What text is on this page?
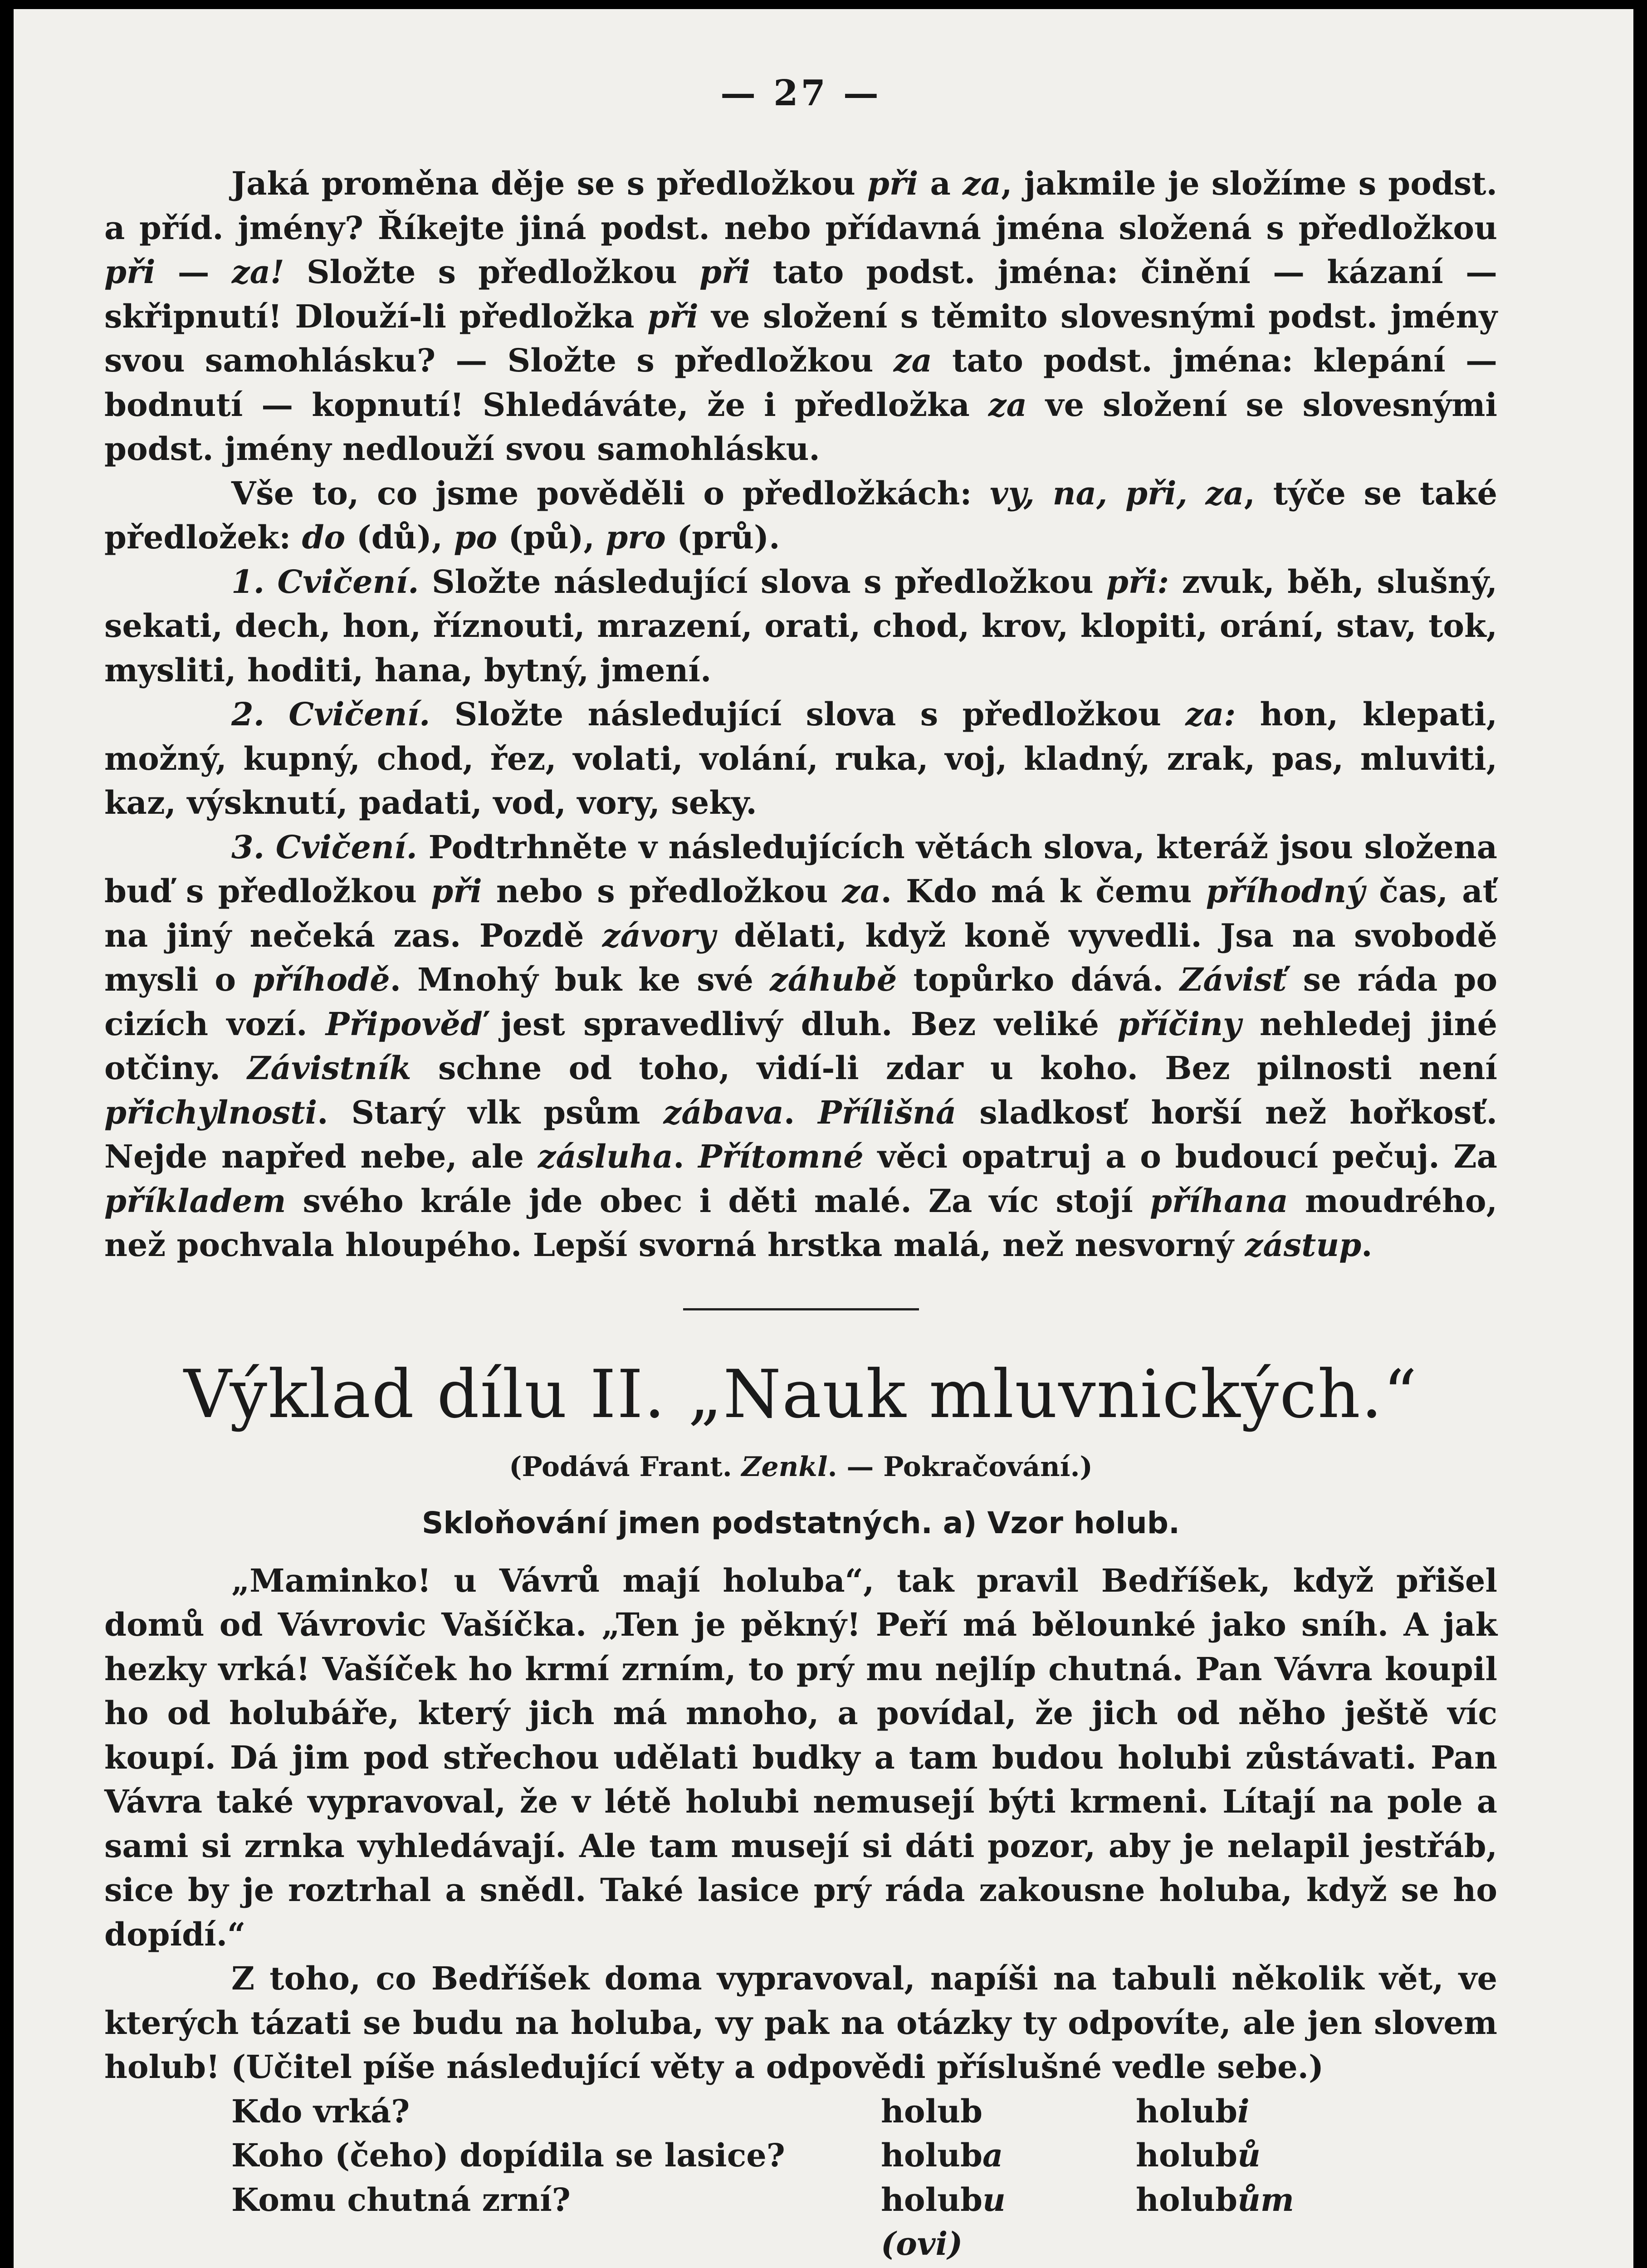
— 27 —

Jaká proměna děje se s předložkou při a za, jakmile je složíme s podst. a příd. jmény? Říkejte jiná podst. nebo přídavná jména složená s předložkou při — za! Složte s předložkou při tato podst. jména: činění — kázaní — skřipnutí! Dlouží-li předložka při ve složení s těmito slovesnými podst. jmény svou samohlásku? — Složte s předložkou za tato podst. jména: klepání — bodnutí — kopnutí! Shledáváte, že i předložka za ve složení se slovesnými podst. jmény nedlouží svou samohlásku.

Vše to, co jsme pověděli o předložkách: vy, na, při, za, týče se také předložek: do (dů), po (pů), pro (prů).

1. Cvičení. Složte následující slova s předložkou při: zvuk, běh, slušný, sekati, dech, hon, říznouti, mrazení, orati, chod, krov, klopiti, orání, stav, tok, mysliti, hoditi, hana, bytný, jmení.

2. Cvičení. Složte následující slova s předložkou za: hon, klepati, možný, kupný, chod, řez, volati, volání, ruka, voj, kladný, zrak, pas, mluviti, kaz, výsknutí, padati, vod, vory, seky.

3. Cvičení. Podtrhněte v následujících větách slova, kteráž jsou složena buď s předložkou při nebo s předložkou za. Kdo má k čemu příhodný čas, ať na jiný nečeká zas. Pozdě závory dělati, když koně vyvedli. Jsa na svobodě mysli o příhodě. Mnohý buk ke své záhubě topůrko dává. Závisť se ráda po cizích vozí. Připověď jest spravedlivý dluh. Bez veliké příčiny nehledej jiné otčiny. Závistník schne od toho, vidí-li zdar u koho. Bez pilnosti není přichylnosti. Starý vlk psům zábava. Přílišná sladkosť horší než hořkosť. Nejde napřed nebe, ale zásluha. Přítomné věci opatruj a o budoucí pečuj. Za příkladem svého krále jde obec i děti malé. Za víc stojí příhana moudrého, než pochvala hloupého. Lepší svorná hrstka malá, než nesvorný zástup.

Výklad dílu II. „Nauk mluvnických.“
(Podává Frant. Zenkl. — Pokračování.)
Skloňování jmen podstatných. a) Vzor holub.

„Maminko! u Vávrů mají holuba“, tak pravil Bedříšek, když přišel domů od Vávrovic Vašíčka. „Ten je pěkný! Peří má bělounké jako sníh. A jak hezky vrká! Vašíček ho krmí zrním, to prý mu nejlíp chutná. Pan Vávra koupil ho od holubáře, který jich má mnoho, a povídal, že jich od něho ještě víc koupí. Dá jim pod střechou udělati budky a tam budou holubi zůstávati. Pan Vávra také vypravoval, že v létě holubi nemusejí býti krmeni. Lítají na pole a sami si zrnka vyhledávají. Ale tam musejí si dáti pozor, aby je nelapil jestřáb, sice by je roztrhal a snědl. Také lasice prý ráda zakousne holuba, když se ho dopídí.“

Z toho, co Bedříšek doma vypravoval, napíši na tabuli několik vět, ve kterých tázati se budu na holuba, vy pak na otázky ty odpovíte, ale jen slovem holub! (Učitel píše následující věty a odpovědi příslušné vedle sebe.)

Kdo vrká?		holub		holubi
Koho (čeho) dopídila se lasice?		holuba		holubů
Komu chutná zrní?		holubu (ovi)		holubům
